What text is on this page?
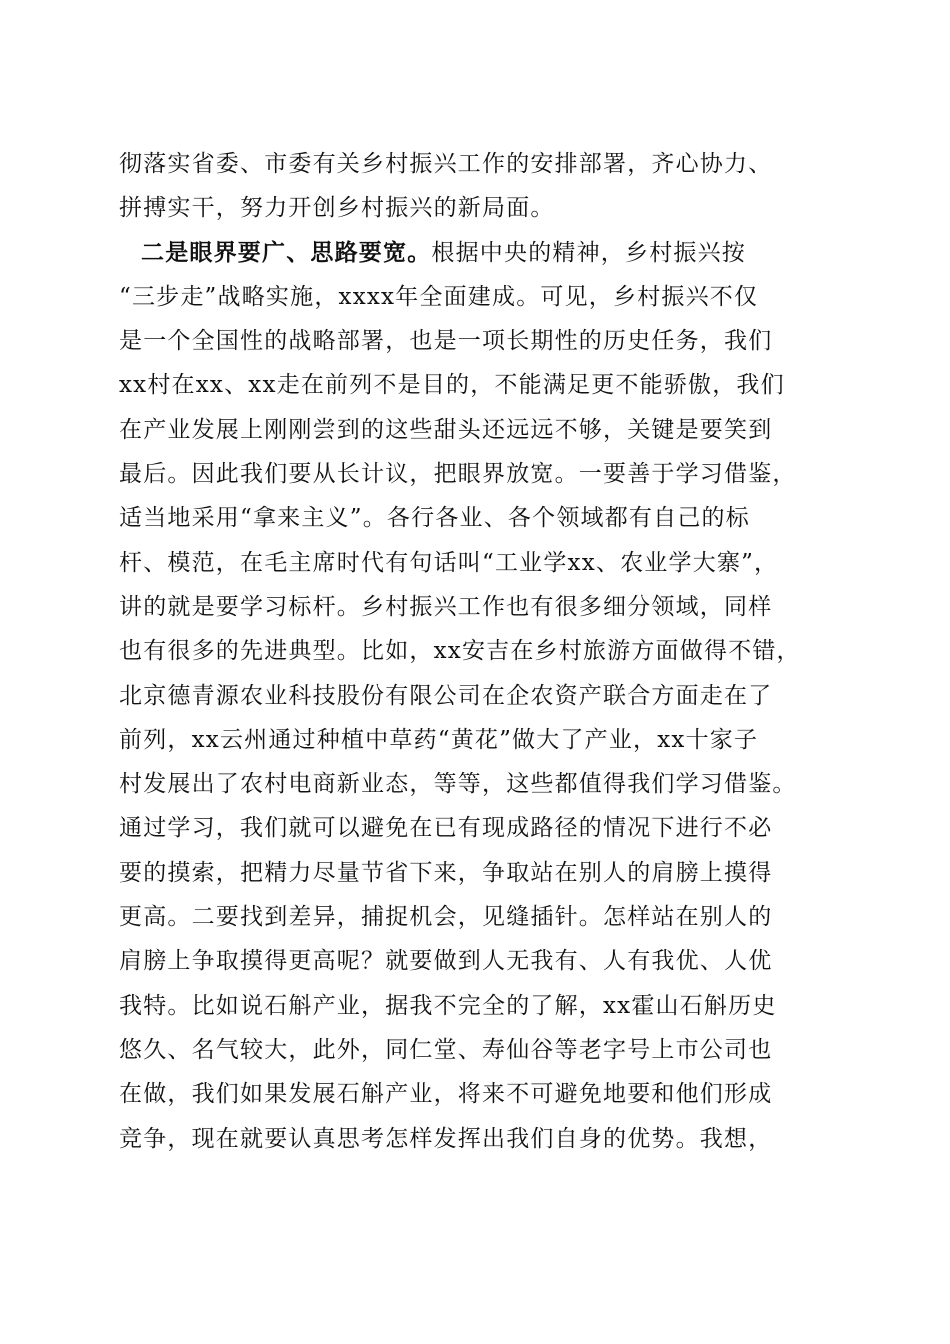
彻落实省委、市委有关乡村振兴工作的安排部署，齐心协力、
拼搏实干，努力开创乡村振兴的新局面。
二是眼界要广、思路要宽。根据中央的精神，乡村振兴按
“三步走”战略实施，xxxx年全面建成。可见，乡村振兴不仅
是一个全国性的战略部署，也是一项长期性的历史任务，我们
xx村在xx、xx走在前列不是目的，不能满足更不能骄傲，我们
在产业发展上刚刚尝到的这些甜头还远远不够，关键是要笑到
最后。因此我们要从长计议，把眼界放宽。一要善于学习借鉴，
适当地采用“拿来主义”。各行各业、各个领域都有自己的标
杆、模范，在毛主席时代有句话叫“工业学xx、农业学大寨”，
讲的就是要学习标杆。乡村振兴工作也有很多细分领域，同样
也有很多的先进典型。比如，xx安吉在乡村旅游方面做得不错，
北京德青源农业科技股份有限公司在企农资产联合方面走在了
前列，xx云州通过种植中草药“黄花”做大了产业，xx十家子
村发展出了农村电商新业态，等等，这些都值得我们学习借鉴。
通过学习，我们就可以避免在已有现成路径的情况下进行不必
要的摸索，把精力尽量节省下来，争取站在别人的肩膀上摸得
更高。二要找到差异，捕捉机会，见缝插针。怎样站在别人的
肩膀上争取摸得更高呢？就要做到人无我有、人有我优、人优
我特。比如说石斛产业，据我不完全的了解，xx霍山石斛历史
悠久、名气较大，此外，同仁堂、寿仙谷等老字号上市公司也
在做，我们如果发展石斛产业，将来不可避免地要和他们形成
竞争，现在就要认真思考怎样发挥出我们自身的优势。我想，
